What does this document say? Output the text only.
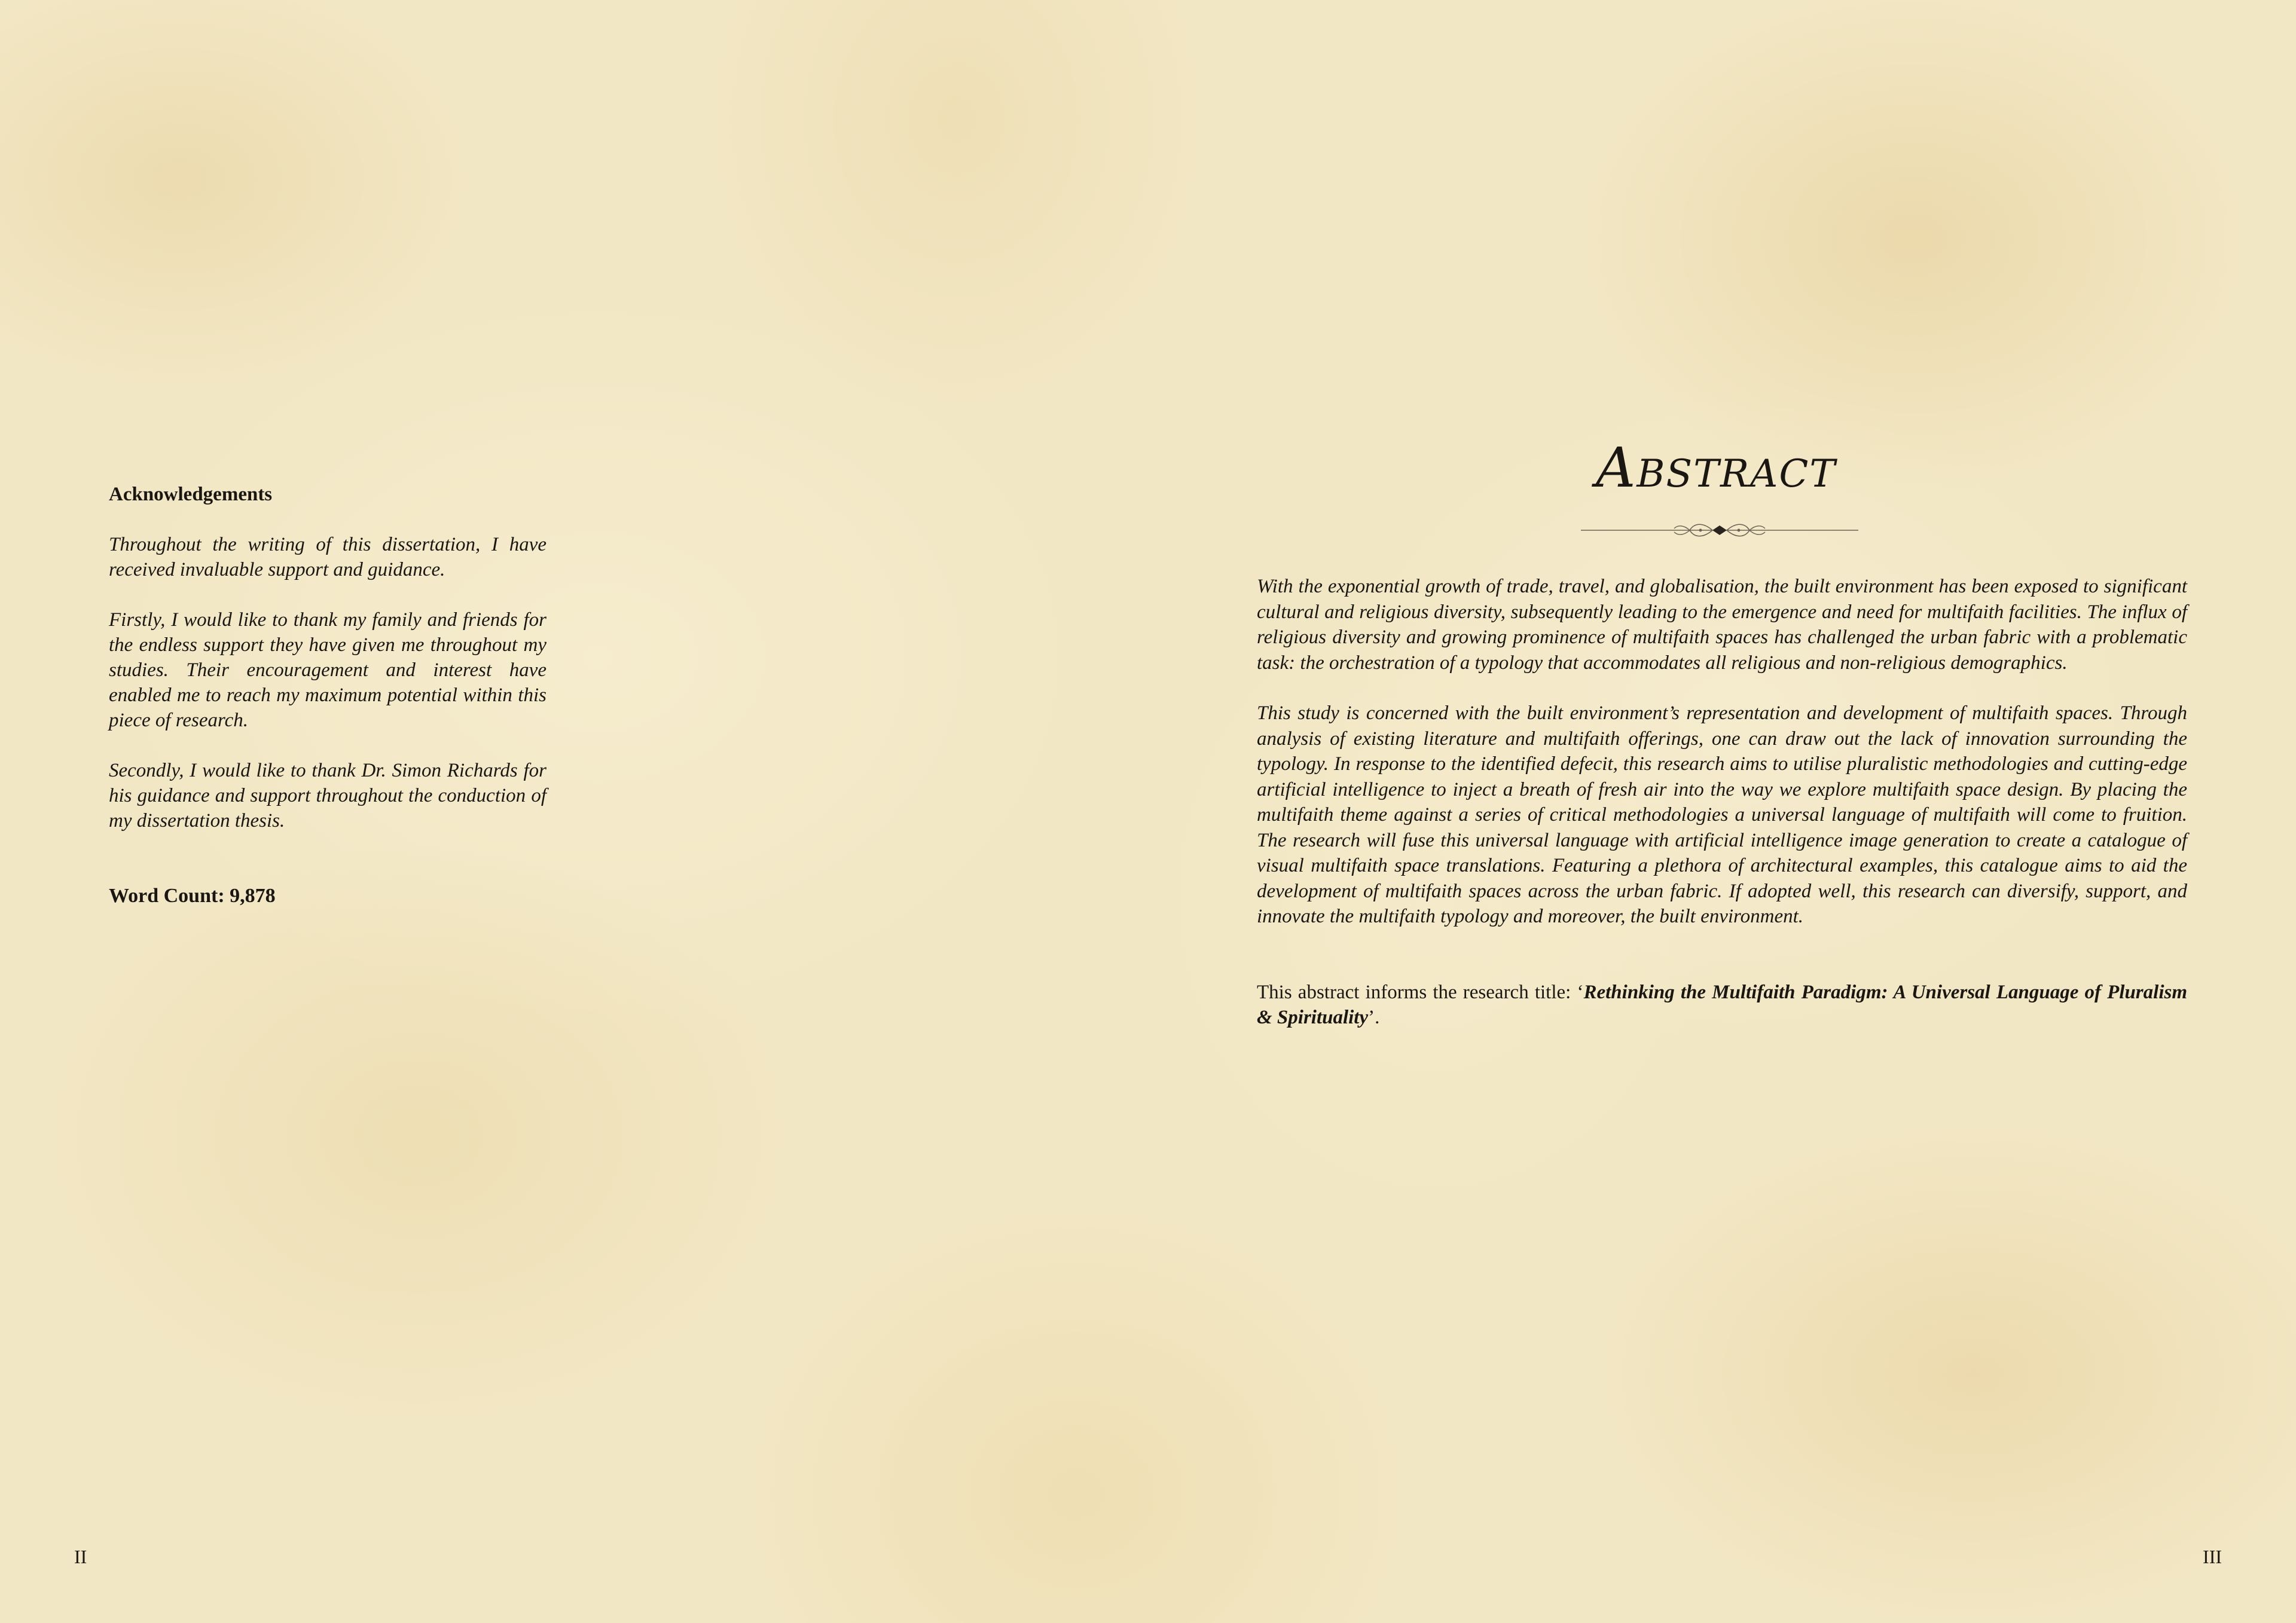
Acknowledgements

Throughout the writing of this dissertation, I have received invaluable support and guidance.

Firstly, I would like to thank my family and friends for the endless support they have given me throughout my studies. Their encouragement and interest have enabled me to reach my maximum potential within this piece of research.

Secondly, I would like to thank Dr. Simon Richards for his guidance and support throughout the conduction of my dissertation thesis.

Word Count: 9,878
II
Abstract

With the exponential growth of trade, travel, and globalisation, the built environment has been exposed to significant cultural and religious diversity, subsequently leading to the emergence and need for multifaith facilities. The influx of religious diversity and growing prominence of multifaith spaces has challenged the urban fabric with a problematic task: the orchestration of a typology that accommodates all religious and non-religious demographics.

This study is concerned with the built environment’s representation and development of multifaith spaces. Through analysis of existing literature and multifaith offerings, one can draw out the lack of innovation surrounding the typology. In response to the identified defecit, this research aims to utilise pluralistic methodologies and cutting-edge artificial intelligence to inject a breath of fresh air into the way we explore multifaith space design. By placing the multifaith theme against a series of critical methodologies a universal language of multifaith will come to fruition. The research will fuse this universal language with artificial intelligence image generation to create a catalogue of visual multifaith space translations. Featuring a plethora of architectural examples, this catalogue aims to aid the development of multifaith spaces across the urban fabric. If adopted well, this research can diversify, support, and innovate the multifaith typology and moreover, the built environment.

This abstract informs the research title: ‘Rethinking the Multifaith Paradigm: A Universal Language of Pluralism & Spirituality’.

III
